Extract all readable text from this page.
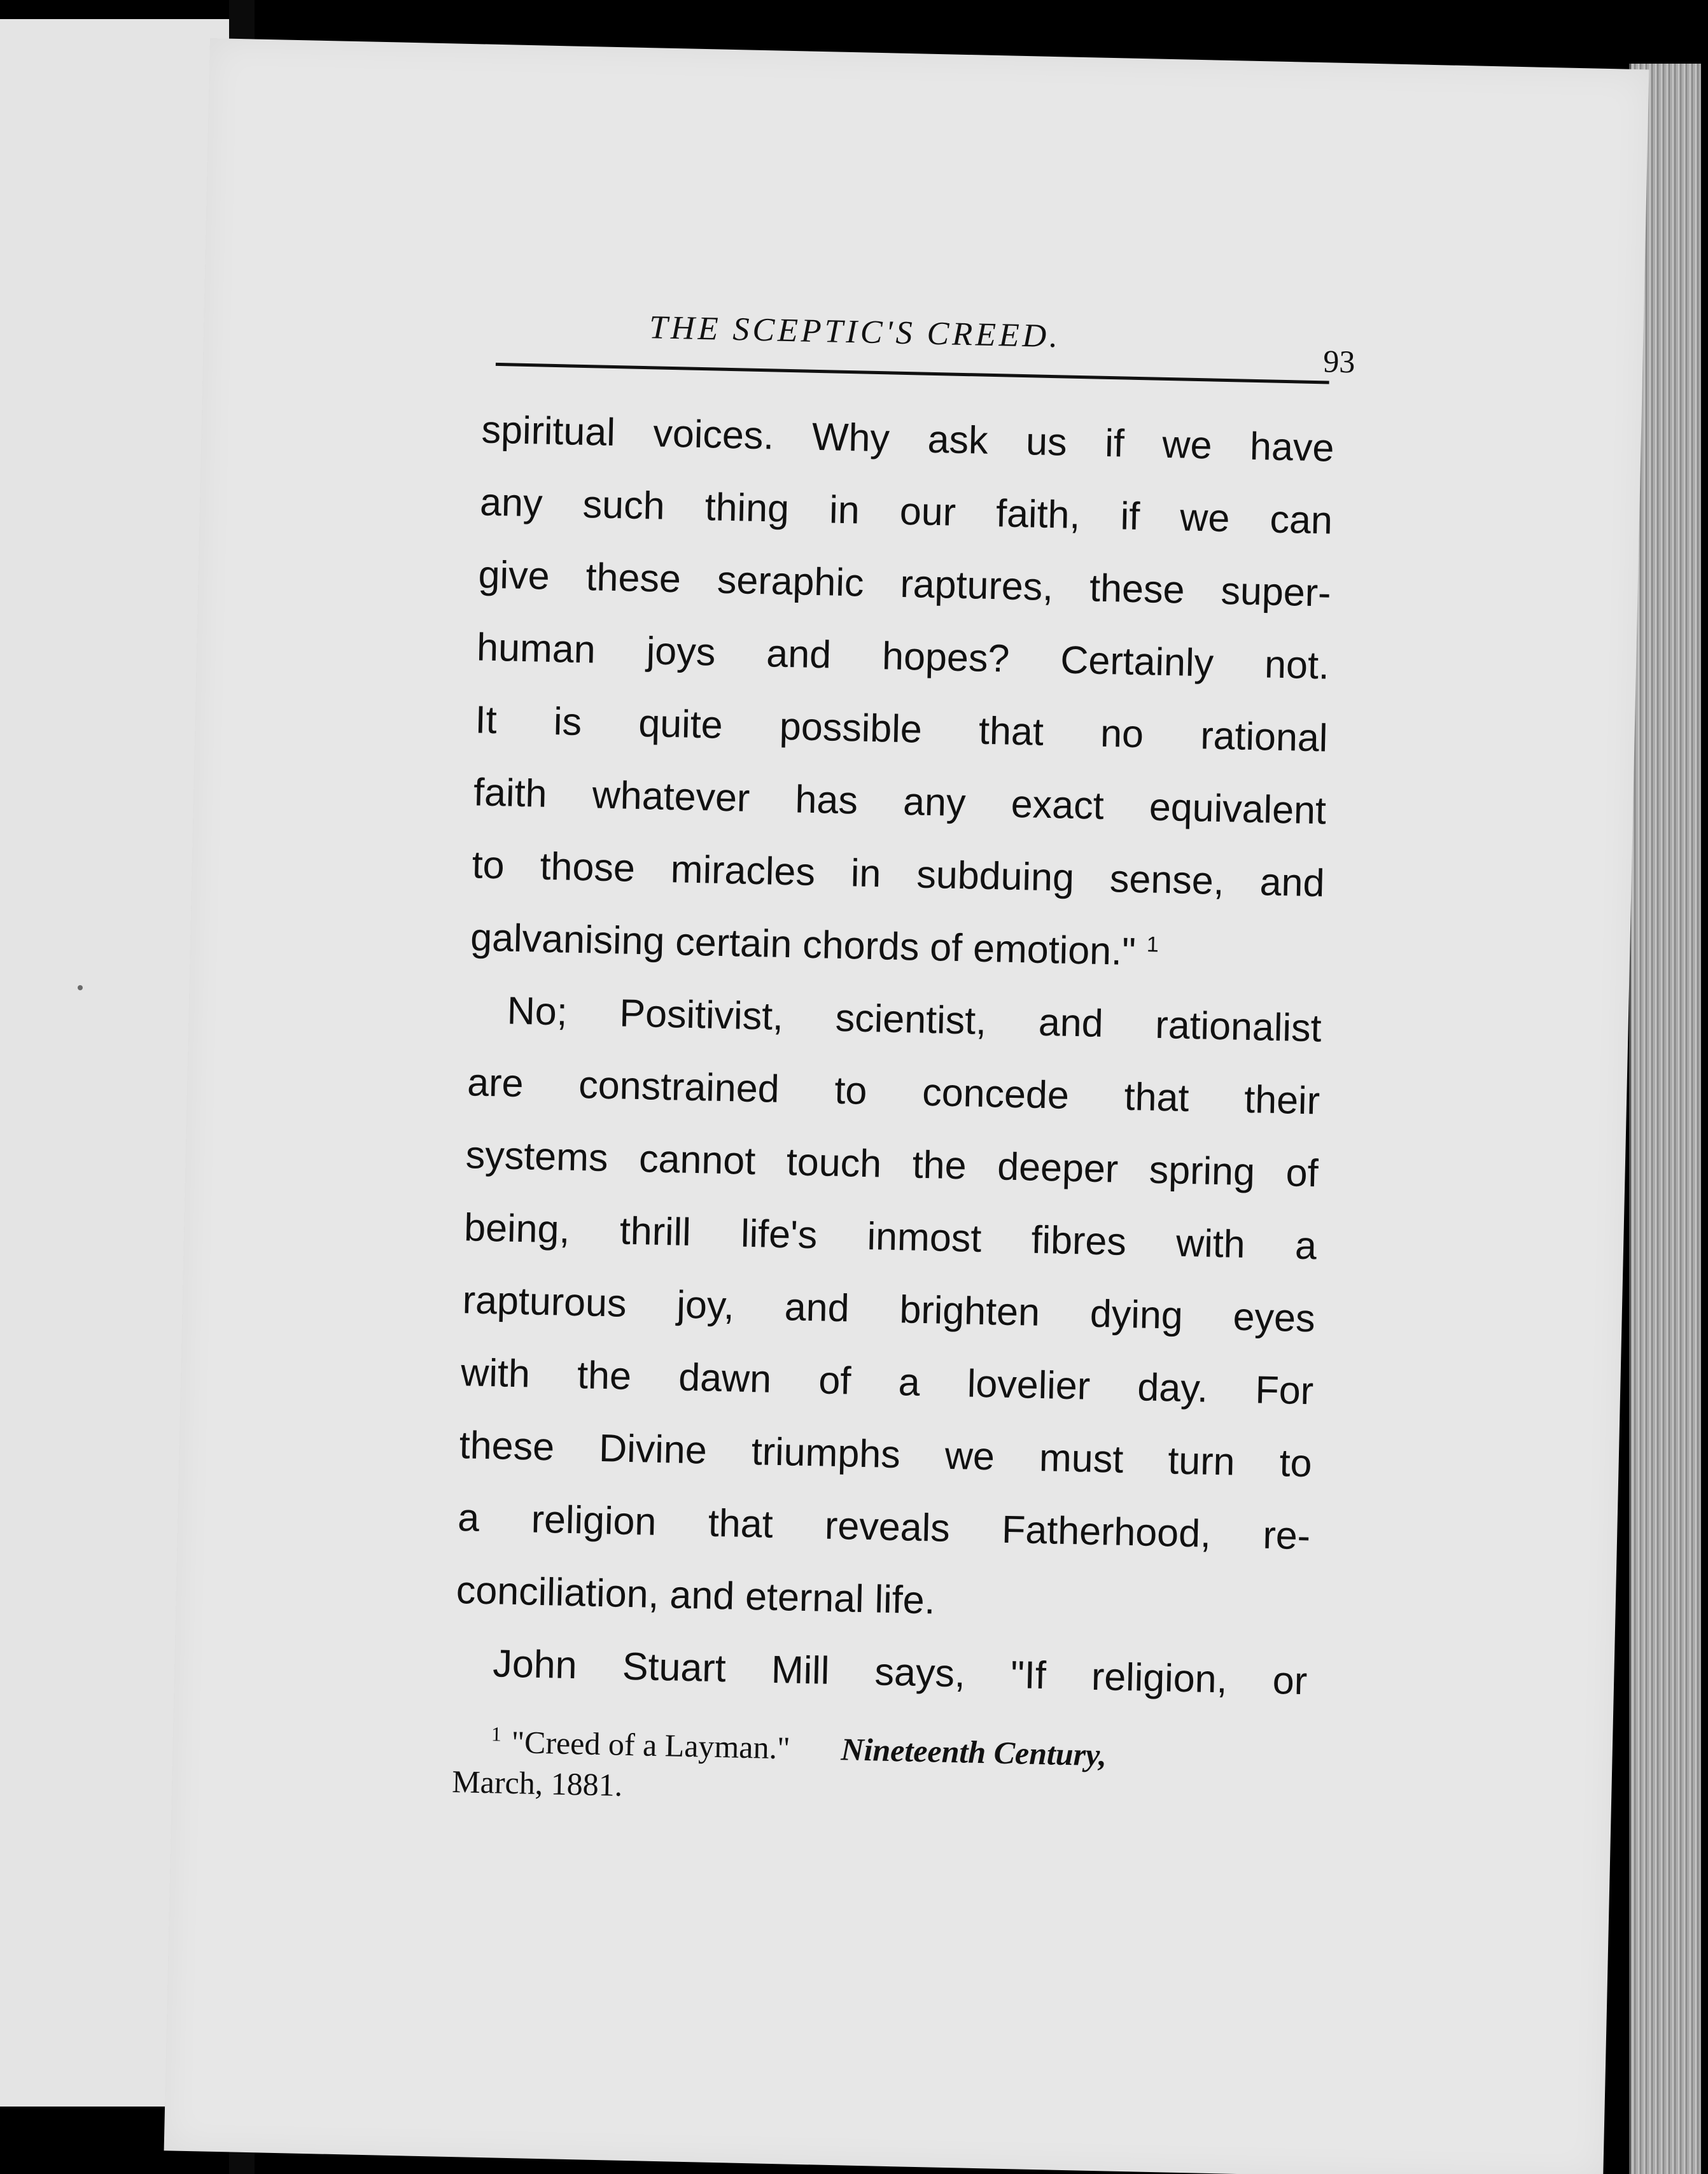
THE SCEPTIC'S CREED.
93
spiritual voices. Why ask us if we have
any such thing in our faith, if we can
give these seraphic raptures, these super-
human joys and hopes? Certainly not.
It is quite possible that no rational
faith whatever has any exact equivalent
to those miracles in subduing sense, and
galvanising certain chords of emotion." $^1$
No; Positivist, scientist, and rationalist
are constrained to concede that their
systems cannot touch the deeper spring of
being, thrill life's inmost fibres with a
rapturous joy, and brighten dying eyes
with the dawn of a lovelier day. For
these Divine triumphs we must turn to
a religion that reveals Fatherhood, re-
conciliation, and eternal life.
John Stuart Mill says, "If religion, or
$^1$ "Creed of a Layman." Nineteenth Century,
March, 1881.
